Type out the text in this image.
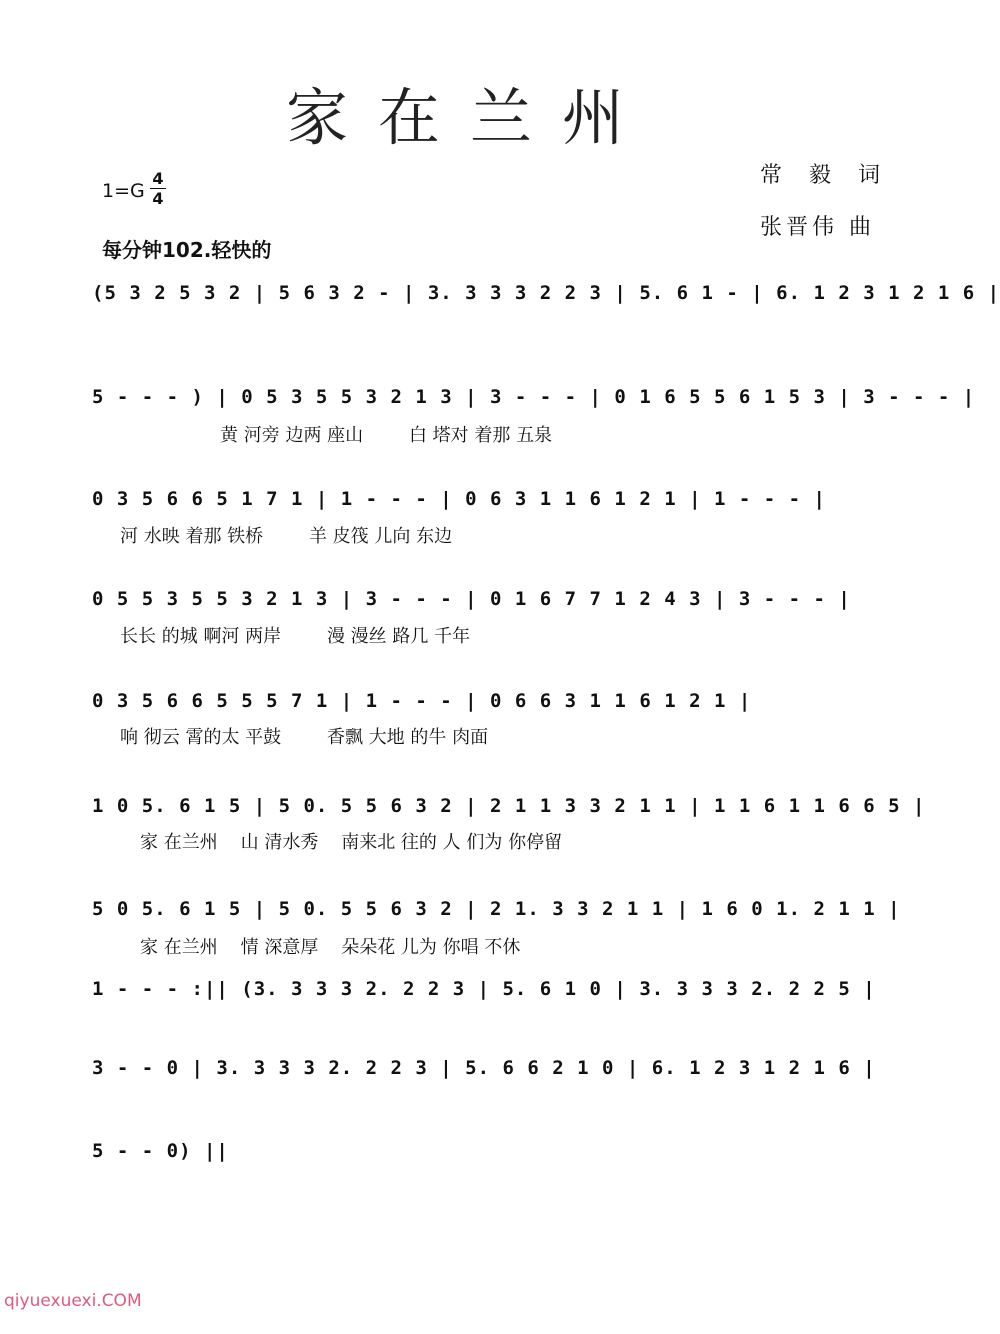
家在兰州
1=G
4
4
常 毅 词
张晋伟 曲
每分钟102.轻快的
(5 3 2 5 3 2 | 5 6 3 2 - | 3. 3 3 3 2 2 3 | 5. 6 1 - | 6. 1 2 3 1 2 1 6 |
5 - - - ) | 0 5 3 5 5 3 2 1 3 | 3 - - - | 0 1 6 5 5 6 1 5 3 | 3 - - - |
黄 河旁 边两 座山        白 塔对 着那 五泉
0 3 5 6 6 5 1 7 1 | 1 - - - | 0 6 3 1 1 6 1 2 1 | 1 - - - |
河 水映 着那 铁桥        羊 皮筏 儿向 东边
0 5 5 3 5 5 3 2 1 3 | 3 - - - | 0 1 6 7 7 1 2 4 3 | 3 - - - |
长长 的城 啊河 两岸        漫 漫丝 路几 千年
0 3 5 6 6 5 5 5 7 1 | 1 - - - | 0 6 6 3 1 1 6 1 2 1 |
响 彻云 霄的太 平鼓        香飘 大地 的牛 肉面
1 0 5. 6 1 5 | 5 0. 5 5 6 3 2 | 2 1 1 3 3 2 1 1 | 1 1 6 1 1 6 6 5 |
家 在兰州    山 清水秀    南来北 往的 人 们为 你停留
5 0 5. 6 1 5 | 5 0. 5 5 6 3 2 | 2 1. 3 3 2 1 1 | 1 6 0 1. 2 1 1 |
家 在兰州    情 深意厚    朵朵花 儿为 你唱 不休
1 - - - :|| (3. 3 3 3 2. 2 2 3 | 5. 6 1 0 | 3. 3 3 3 2. 2 2 5 |
3 - - 0 | 3. 3 3 3 2. 2 2 3 | 5. 6 6 2 1 0 | 6. 1 2 3 1 2 1 6 |
5 - - 0) ||
qiyuexuexi.COM
